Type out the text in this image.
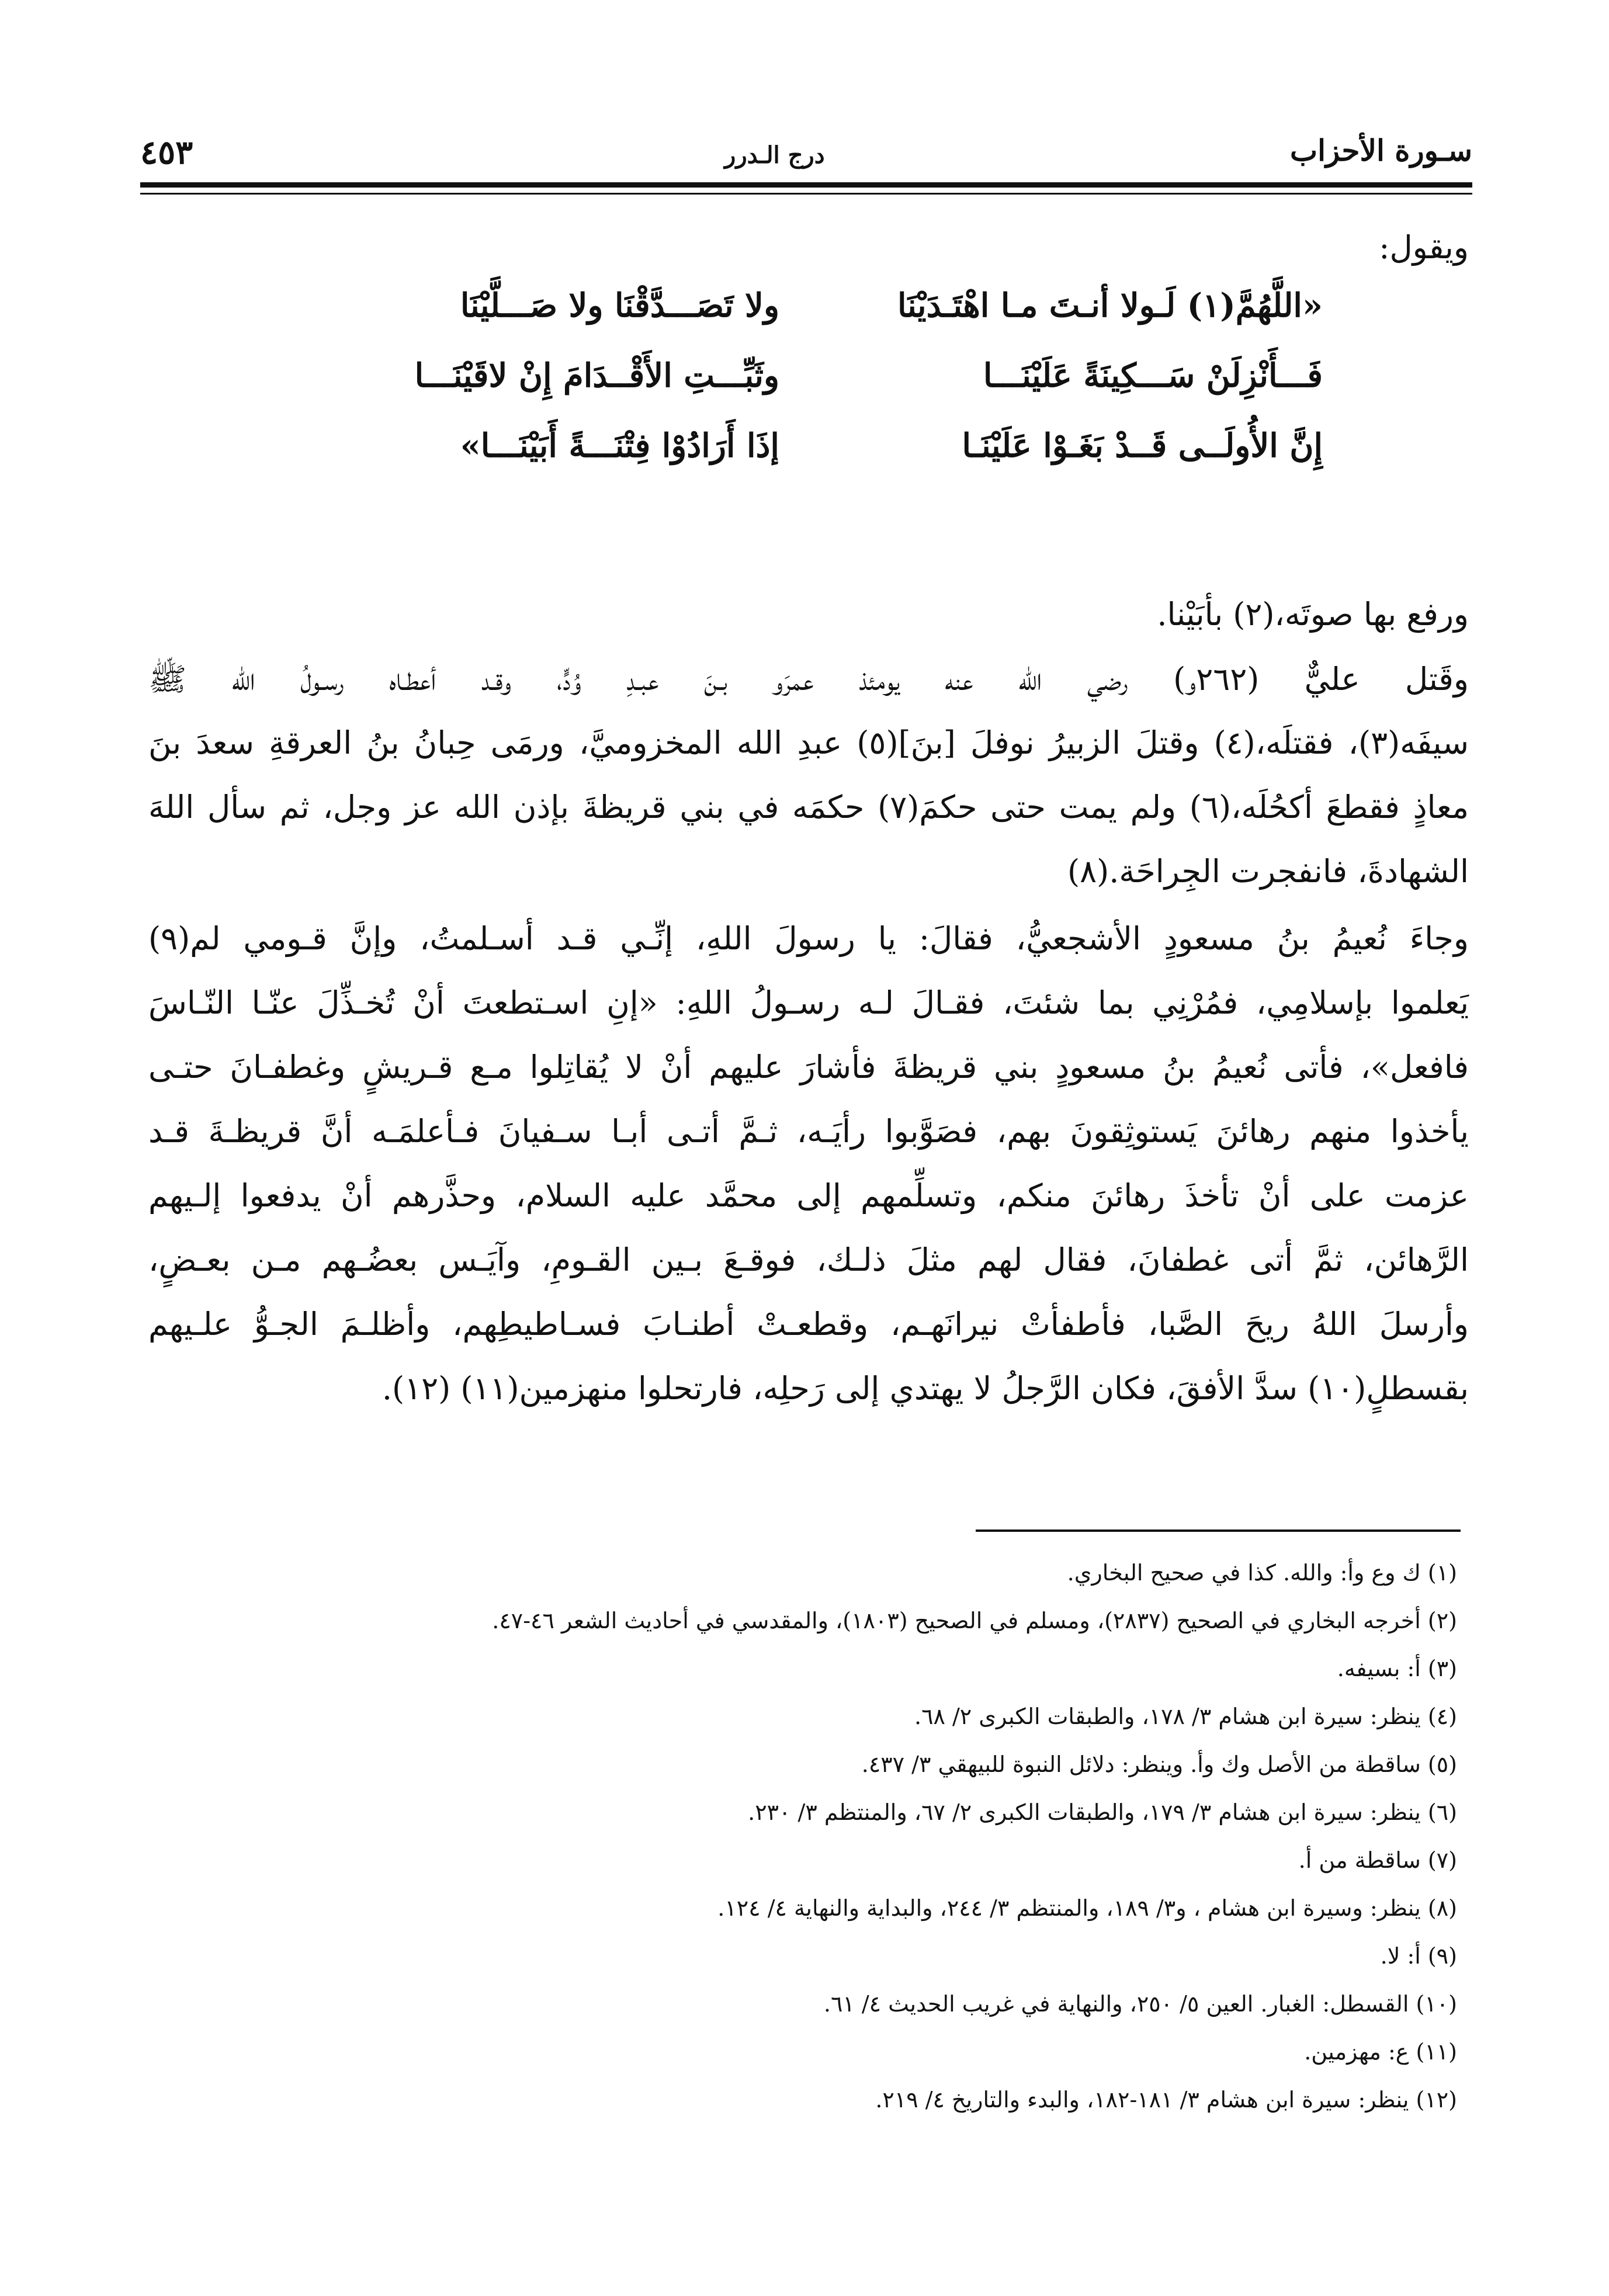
سـورة الأحزاب
درج الـدرر
٤٥٣
ويقول:
«اللَّهُمَّ(١) لَـولا أنـتَ مـا اهْتَـدَيْنَا
ولا تَصَـــدَّقْنَا ولا صَـــلَّيْنَا
فَـــأَنْزِلَنْ سَـــكِينَةً عَلَيْنَـــا
وثَبِّـــتِ الأَقْــدَامَ إِنْ لاقَيْنَـــا
إِنَّ الأُولَــى قَــدْ بَغَـوْا عَلَيْنَـا
إذَا أَرَادُوْا فِتْنَـــةً أَبَيْنَـــا»
ورفع بها صوتَه،(٢) بأبَيْنا.
وقَتل عليٌّ (٢٦٢و) رضي الله عنه يومئذ عمرَو بـنَ عبـدِ وُدٍّ، وقـد أعطـاه رسـولُ الله ﷺ
سيفَه(٣)، فقتلَه،(٤) وقتلَ الزبيرُ نوفلَ [بنَ](٥) عبدِ الله المخزوميَّ، ورمَى حِبانُ بنُ العرقةِ سعدَ بنَ
معاذٍ فقطعَ أكحُلَه،(٦) ولم يمت حتى حكمَ(٧) حكمَه في بني قريظةَ بإذن الله عز وجل، ثم سأل اللهَ
الشهادةَ، فانفجرت الجِراحَة.(٨)
وجاءَ نُعيمُ بنُ مسعودٍ الأشجعيُّ، فقالَ: يا رسولَ اللهِ، إنِّـي قـد أسـلمتُ، وإنَّ قـومي لم(٩)
يَعلموا بإسلامِي، فمُرْنِي بما شئتَ، فقـالَ لـه رسـولُ اللهِ: «إنِ اسـتطعتَ أنْ تُخـذِّلَ عنّـا النّـاسَ
فافعل»، فأتى نُعيمُ بنُ مسعودٍ بني قريظةَ فأشارَ عليهم أنْ لا يُقاتِلوا مـع قـريشٍ وغطفـانَ حتـى
يأخذوا منهم رهائنَ يَستوثِقونَ بهم، فصَوَّبوا رأيَـه، ثـمَّ أتـى أبـا سـفيانَ فـأعلمَـه أنَّ قريظـةَ قـد
عزمت على أنْ تأخذَ رهائنَ منكم، وتسلِّمهم إلى محمَّد عليه السلام، وحذَّرهم أنْ يدفعوا إلـيهم
الرَّهائن، ثمَّ أتى غطفانَ، فقال لهم مثلَ ذلـك، فوقـعَ بـين القـومِ، وآيَـس بعضُـهم مـن بعـضٍ،
وأرسلَ اللهُ ريحَ الصَّبا، فأطفأتْ نيرانَهـم، وقطعـتْ أطنـابَ فسـاطيطِهم، وأظلـمَ الجـوُّ علـيهم
بقسطلٍ(١٠) سدَّ الأفقَ، فكان الرَّجلُ لا يهتدي إلى رَحلِه، فارتحلوا منهزمين(١١) (١٢).
(١) ك وع وأ: والله. كذا في صحيح البخاري.
(٢) أخرجه البخاري في الصحيح (٢٨٣٧)، ومسلم في الصحيح (١٨٠٣)، والمقدسي في أحاديث الشعر ٤٦-٤٧.
(٣) أ: بسيفه.
(٤) ينظر: سيرة ابن هشام ٣/ ١٧٨، والطبقات الكبرى ٢/ ٦٨.
(٥) ساقطة من الأصل وك وأ. وينظر: دلائل النبوة للبيهقي ٣/ ٤٣٧.
(٦) ينظر: سيرة ابن هشام ٣/ ١٧٩، والطبقات الكبرى ٢/ ٦٧، والمنتظم ٣/ ٢٣٠.
(٧) ساقطة من أ.
(٨) ينظر: وسيرة ابن هشام ، و٣/ ١٨٩، والمنتظم ٣/ ٢٤٤، والبداية والنهاية ٤/ ١٢٤.
(٩) أ: لا.
(١٠) القسطل: الغبار. العين ٥/ ٢٥٠، والنهاية في غريب الحديث ٤/ ٦١.
(١١) ع: مهزمين.
(١٢) ينظر: سيرة ابن هشام ٣/ ١٨١-١٨٢، والبدء والتاريخ ٤/ ٢١٩.
